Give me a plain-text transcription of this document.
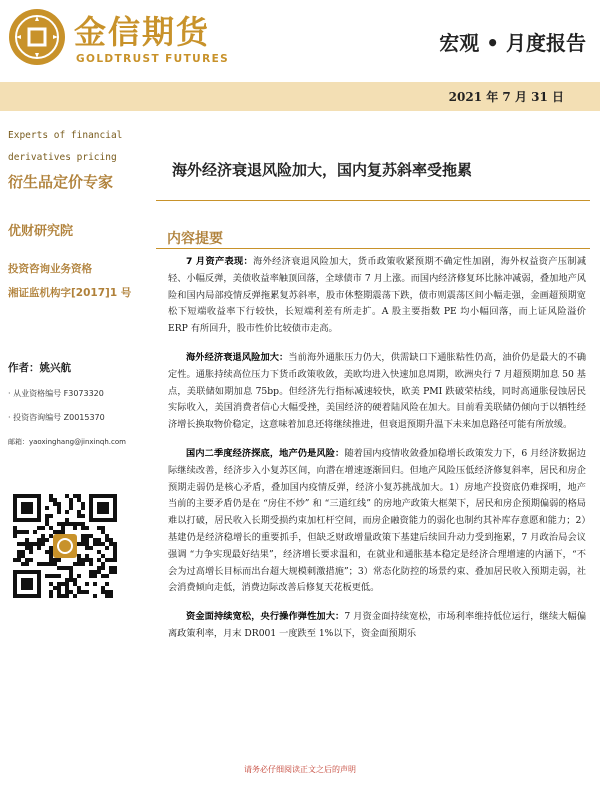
金信期货
GOLDTRUST FUTURES
宏观 • 月度报告
2021 年 7 月 31 日
Experts of financial derivatives pricing
衍生品定价专家
优财研究院
投资咨询业务资格
湘证监机构字[2017]1 号
作者：姚兴航
· 从业资格编号 F3073320
· 投资咨询编号 Z0015370
邮箱：yaoxinghang@jinxinqh.com
海外经济衰退风险加大，国内复苏斜率受拖累
内容提要

7 月资产表现：海外经济衰退风险加大，货币政策收紧预期不确定性加剧，海外权益资产压制减轻、小幅反弹，美债收益率触顶回落，全球债市 7 月上涨。而国内经济修复环比脉冲减弱，叠加地产风险和国内局部疫情反弹拖累复苏斜率，股市休整期震荡下跌，债市则震荡区间小幅走强，金画超预期宽松下短端收益率下行较快，长短端利差有所走扩。A 股主要指数 PE 均小幅回落，而上证风险溢价 ERP 有所回升，股市性价比较债市走高。

海外经济衰退风险加大：当前海外通胀压力仍大，供需缺口下通胀粘性仍高，油价仍是最大的不确定性。通胀持续高位压力下货币政策收敛，美欧均进入快速加息周期，欧洲央行 7 月超预期加息 50 基点，美联储如期加息 75bp。但经济先行指标减速较快，欧美 PMI 跌破荣枯线，同时高通胀侵蚀居民实际收入，美国消费者信心大幅受挫，美国经济的硬着陆风险在加大。目前看美联储仍倾向于以牺牲经济增长换取物价稳定，这意味着加息还将继续推进，但衰退预期升温下未来加息路径可能有所放缓。

国内二季度经济探底，地产仍是风险：随着国内疫情收敛叠加稳增长政策发力下，6 月经济数据边际继续改善，经济步入小复苏区间，向潜在增速逐渐回归。但地产风险压低经济修复斜率，居民和房企预期走弱仍是核心矛盾，叠加国内疫情反弹，经济小复苏挑战加大。1）房地产投资底仍难探明，地产当前的主要矛盾仍是在 “房住不炒” 和 “三道红线” 的房地产政策大框架下，居民和房企预期偏弱的格局难以打破，居民收入长期受损约束加杠杆空间，而房企融资能力的弱化也制约其补库存意愿和能力；2）基建仍是经济稳增长的重要抓手，但缺乏财政增量政策下基建后续回升动力受到拖累，7 月政治局会议强调 “力争实现最好结果”，经济增长要求温和，在就业和通胀基本稳定是经济合理增速的内涵下，“不会为过高增长目标而出台超大规模刺激措施”；3）常态化防控的场景约束、叠加居民收入预期走弱，社会消费倾向走低，消费边际改善后修复天花板更低。

资金面持续宽松，央行操作弹性加大：7 月资金面持续宽松，市场利率维持低位运行，继续大幅偏离政策利率，月末 DR001 一度跌至 1%以下，资金面预期乐

请务必仔细阅读正文之后的声明
